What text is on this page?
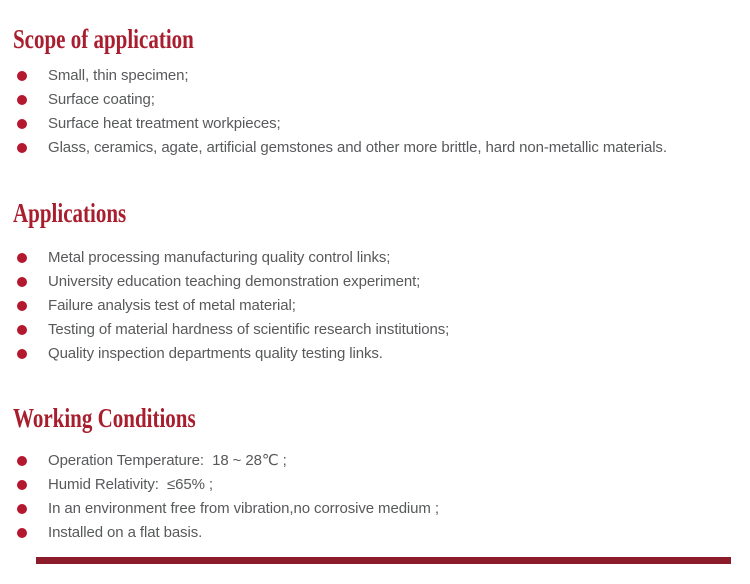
Scope of application
Small, thin specimen;
Surface coating;
Surface heat treatment workpieces;
Glass, ceramics, agate, artificial gemstones and other more brittle, hard non-metallic materials.
Applications
Metal processing manufacturing quality control links;
University education teaching demonstration experiment;
Failure analysis test of metal material;
Testing of material hardness of scientific research institutions;
Quality inspection departments quality testing links.
Working Conditions
Operation Temperature:  18 ~ 28℃ ;
Humid Relativity:  ≤65% ;
In an environment free from vibration,no corrosive medium ;
Installed on a flat basis.
